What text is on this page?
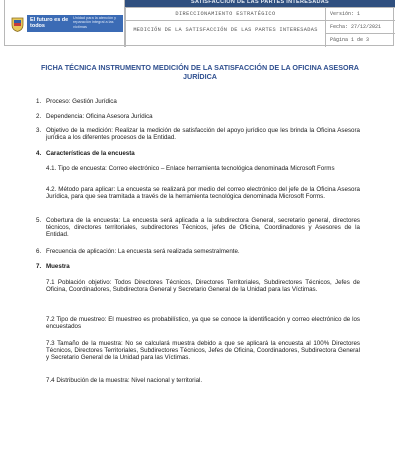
El futuro es de todos
Unidad para la atención y reparación integral a las víctimas
SATISFACCIÓN DE LAS PARTES INTERESADAS
DIRECCIONAMIENTO ESTRATÉGICO	Versión: 1
MEDICIÓN DE LA SATISFACCIÓN DE LAS PARTES INTERESADAS	Fecha: 27/12/2021
Página 1 de 3
FICHA TÉCNICA INSTRUMENTO MEDICIÓN DE LA SATISFACCIÓN DE LA OFICINA ASESORA JURÍDICA
1. Proceso: Gestión Jurídica
2. Dependencia: Oficina Asesora Jurídica
3. Objetivo de la medición: Realizar la medición de satisfacción del apoyo jurídico que les brinda la Oficina Asesora jurídica a los diferentes procesos de la Entidad.
4. Características de la encuesta
4.1. Tipo de encuesta: Correo electrónico – Enlace herramienta tecnológica denominada Microsoft Forms
4.2. Método para aplicar: La encuesta se realizará por medio del correo electrónico del jefe de la Oficina Asesora Jurídica, para que sea tramitada a través de la herramienta tecnológica denominada Microsoft Forms.
5. Cobertura de la encuesta: La encuesta será aplicada a la subdirectora General, secretario general, directores técnicos, directores territoriales, subdirectores Técnicos, jefes de Oficina, Coordinadores y Asesores de la Entidad.
6. Frecuencia de aplicación: La encuesta será realizada semestralmente.
7. Muestra
7.1 Población objetivo: Todos Directores Técnicos, Directores Territoriales, Subdirectores Técnicos, Jefes de Oficina, Coordinadores, Subdirectora General y Secretario General de la Unidad para las Víctimas.
7.2 Tipo de muestreo: El muestreo es probabilístico, ya que se conoce la identificación y correo electrónico de los encuestados
7.3 Tamaño de la muestra: No se calculará muestra debido a que se aplicará la encuesta al 100% Directores Técnicos, Directores Territoriales, Subdirectores Técnicos, Jefes de Oficina, Coordinadores, Subdirectora General y Secretario General de la Unidad para las Víctimas.
7.4 Distribución de la muestra: Nivel nacional y territorial.
